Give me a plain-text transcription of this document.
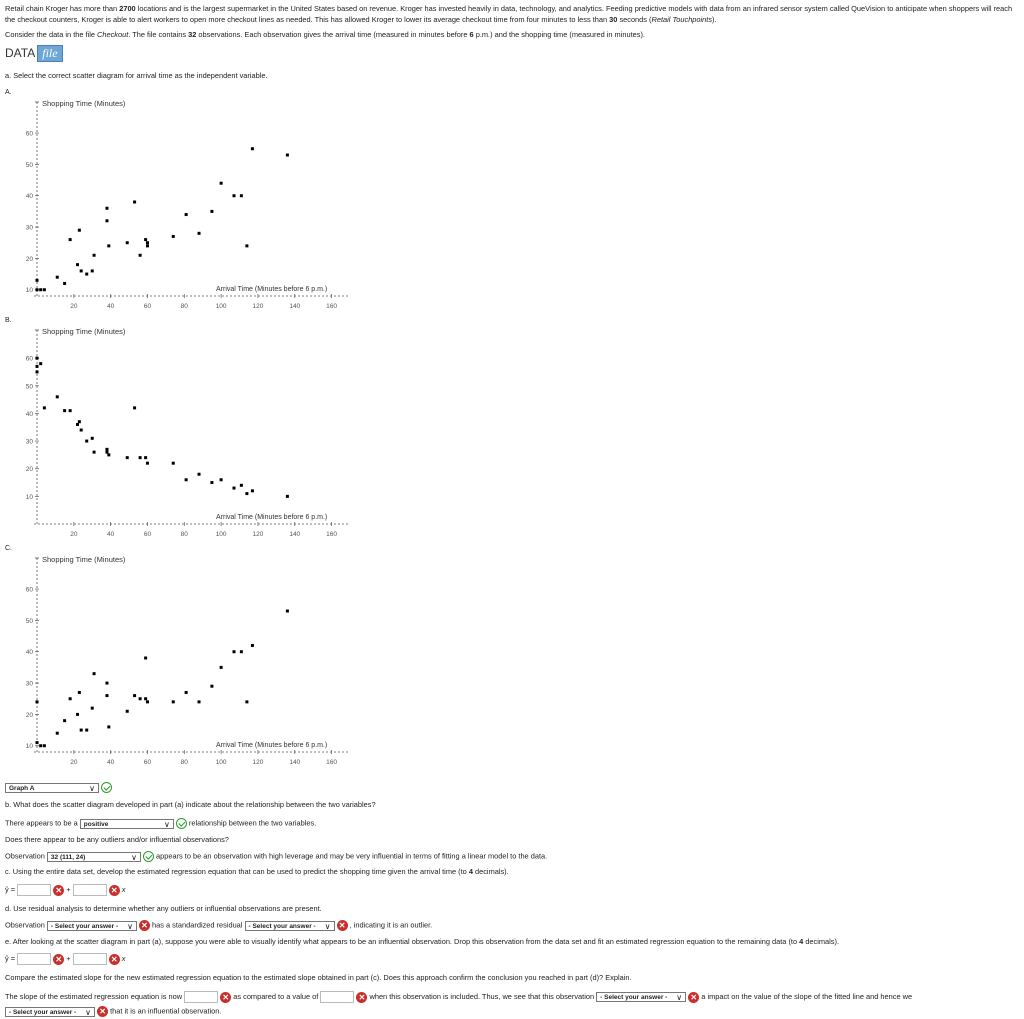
Retail chain Kroger has more than 2700 locations and is the largest supermarket in the United States based on revenue. Kroger has invested heavily in data, technology, and analytics. Feeding predictive models with data from an infrared sensor system called QueVision to anticipate when shoppers will reach the checkout counters, Kroger is able to alert workers to open more checkout lines as needed. This has allowed Kroger to lower its average checkout time from four minutes to less than 30 seconds (Retail Touchpoints).
Consider the data in the file Checkout. The file contains 32 observations. Each observation gives the arrival time (measured in minutes before 6 p.m.) and the shopping time (measured in minutes).
DATA file
a. Select the correct scatter diagram for arrival time as the independent variable.
A.
Shopping Time (Minutes)
Arrival Time (Minutes before 6 p.m.)
20	40	60	80	100	120	140	160
10
20
30
40
50
60
B.
Shopping Time (Minutes)
Arrival Time (Minutes before 6 p.m.)
20	40	60	80	100	120	140	160
10
20
30
40
50
60
C.
Shopping Time (Minutes)
Arrival Time (Minutes before 6 p.m.)
20	40	60	80	100	120	140	160
10
20
30
40
50
60
Graph A	∨

b. What does the scatter diagram developed in part (a) indicate about the relationship between the two variables?
There appears to be a positive	∨	relationship between the two variables.
Does there appear to be any outliers and/or influential observations?
Observation 32 (111, 24)	∨	appears to be an observation with high leverage and may be very influential in terms of fitting a linear model to the data.
c. Using the entire data set, develop the estimated regression equation that can be used to predict the shopping time given the arrival time (to 4 decimals).
ŷ =	✕ +	✕ x
d. Use residual analysis to determine whether any outliers or influential observations are present.
Observation - Select your answer - ∨ ✕ has a standardized residual - Select your answer - ∨ ✕ , indicating it is an outlier.
e. After looking at the scatter diagram in part (a), suppose you were able to visually identify what appears to be an influential observation. Drop this observation from the data set and fit an estimated regression equation to the remaining data (to 4 decimals).
ŷ =	✕ +	✕ x
Compare the estimated slope for the new estimated regression equation to the estimated slope obtained in part (c). Does this approach confirm the conclusion you reached in part (d)? Explain.
The slope of the estimated regression equation is now	✕ as compared to a value of	✕ when this observation is included. Thus, we see that this observation - Select your answer - ∨ ✕ a impact on the value of the slope of the fitted line and hence we
- Select your answer - ∨ ✕ that it is an influential observation.
